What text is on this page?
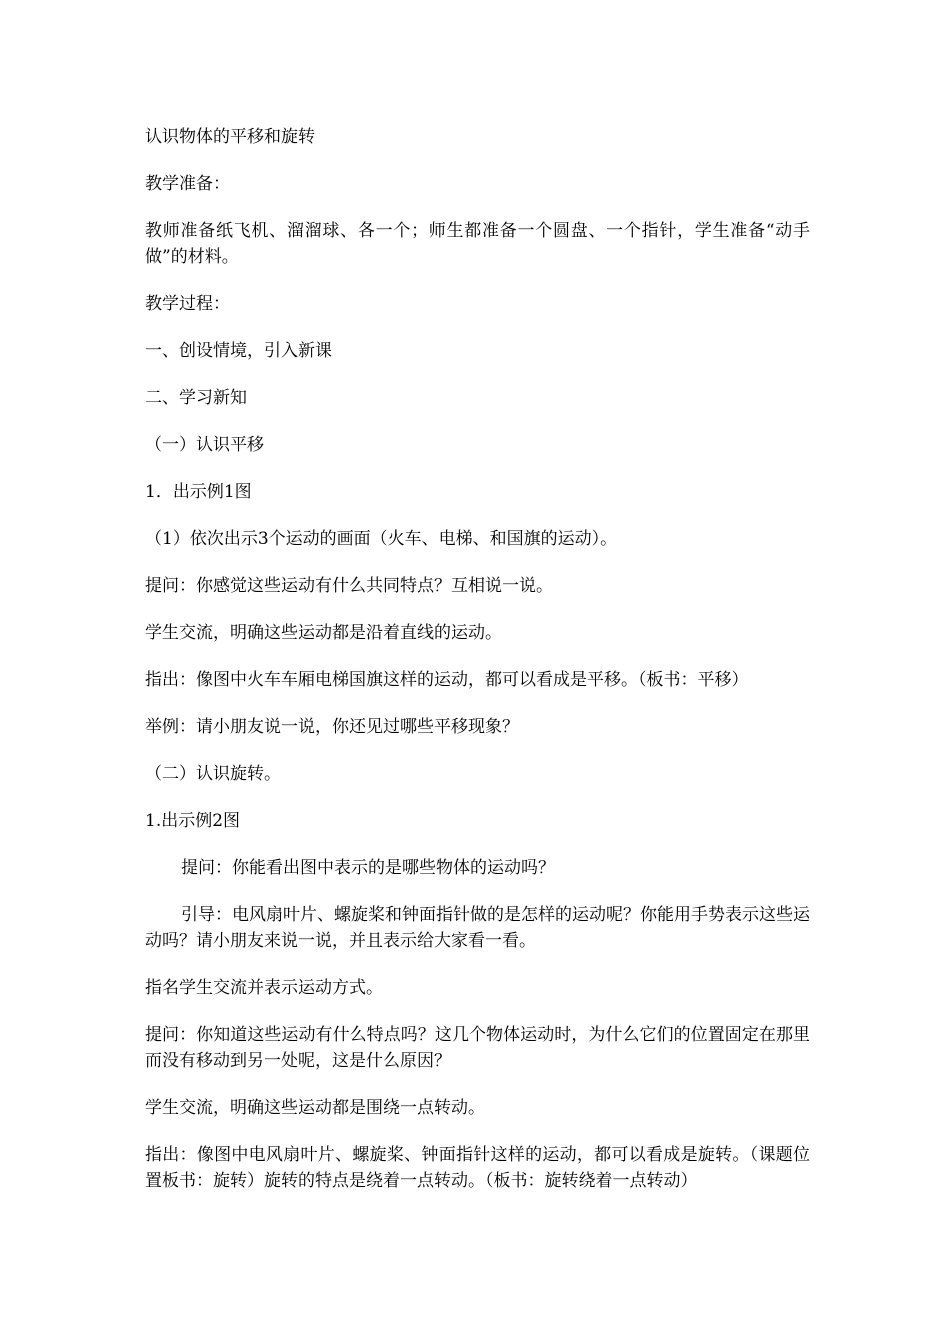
认识物体的平移和旋转

教学准备：

教师准备纸飞机、溜溜球、各一个；师生都准备一个圆盘、一个指针，学生准备“动手做”的材料。

教学过程：

一、创设情境，引入新课

二、学习新知

（一）认识平移

1．出示例1图

（1）依次出示3个运动的画面（火车、电梯、和国旗的运动）。

提问：你感觉这些运动有什么共同特点？互相说一说。

学生交流，明确这些运动都是沿着直线的运动。

指出：像图中火车车厢电梯国旗这样的运动，都可以看成是平移。（板书：平移）

举例：请小朋友说一说，你还见过哪些平移现象？

（二）认识旋转。

1.出示例2图

提问：你能看出图中表示的是哪些物体的运动吗？

引导：电风扇叶片、螺旋桨和钟面指针做的是怎样的运动呢？你能用手势表示这些运动吗？请小朋友来说一说，并且表示给大家看一看。

指名学生交流并表示运动方式。

提问：你知道这些运动有什么特点吗？这几个物体运动时，为什么它们的位置固定在那里而没有移动到另一处呢，这是什么原因？

学生交流，明确这些运动都是围绕一点转动。

指出：像图中电风扇叶片、螺旋桨、钟面指针这样的运动，都可以看成是旋转。（课题位置板书：旋转）旋转的特点是绕着一点转动。（板书：旋转绕着一点转动）
